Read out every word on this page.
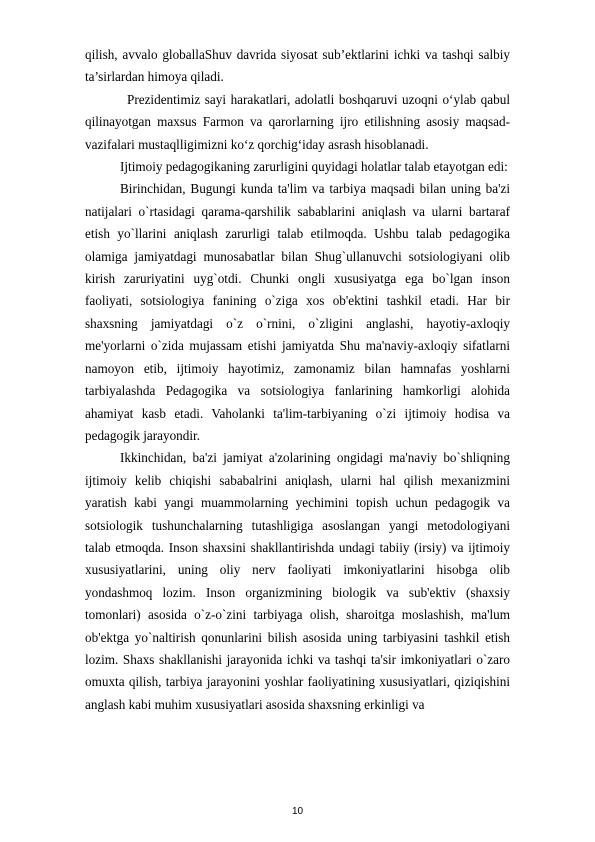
qilish, avvalo globallaShuv davrida siyosat sub’ektlarini ichki va tashqi salbiy ta’sirlardan himoya qiladi.

Prezidentimiz sayi harakatlari, adolatli boshqaruvi uzoqni o‘ylab qabul qilinayotgan maxsus Farmon va qarorlarning ijro etilishning asosiy maqsad-vazifalari mustaqlligimizni ko‘z qorchig‘iday asrash hisoblanadi.

Ijtimoiy pedagogikaning zarurligini quyidagi holatlar talab etayotgan edi:

Birinchidan, Bugungi kunda ta'lim va tarbiya maqsadi bilan uning ba'zi natijalari o`rtasidagi qarama-qarshilik sabablarini aniqlash va ularni bartaraf etish yo`llarini aniqlash zarurligi talab etilmoqda. Ushbu talab pedagogika olamiga jamiyatdagi munosabatlar bilan Shug`ullanuvchi sotsiologiyani olib kirish zaruriyatini uyg`otdi. Chunki ongli xususiyatga ega bo`lgan inson faoliyati, sotsiologiya fanining o`ziga xos ob'ektini tashkil etadi. Har bir shaxsning jamiyatdagi o`z o`rnini, o`zligini anglashi, hayotiy-axloqiy me'yorlarni o`zida mujassam etishi jamiyatda Shu ma'naviy-axloqiy sifatlarni namoyon etib, ijtimoiy hayotimiz, zamonamiz bilan hamnafas yoshlarni tarbiyalashda Pedagogika va sotsiologiya fanlarining hamkorligi alohida ahamiyat kasb etadi. Vaholanki ta'lim-tarbiyaning o`zi ijtimoiy hodisa va pedagogik jarayondir.

Ikkinchidan, ba'zi jamiyat a'zolarining ongidagi ma'naviy bo`shliqning ijtimoiy kelib chiqishi sababalrini aniqlash, ularni hal qilish mexanizmini yaratish kabi yangi muammolarning yechimini topish uchun pedagogik va sotsiologik tushunchalarning tutashligiga asoslangan yangi metodologiyani talab etmoqda. Inson shaxsini shakllantirishda undagi tabiiy (irsiy) va ijtimoiy xususiyatlarini, uning oliy nerv faoliyati imkoniyatlarini hisobga olib yondashmoq lozim. Inson organizmining biologik va sub'ektiv (shaxsiy tomonlari) asosida o`z-o`zini tarbiyaga olish, sharoitga moslashish, ma'lum ob'ektga yo`naltirish qonunlarini bilish asosida uning tarbiyasini tashkil etish lozim. Shaxs shakllanishi jarayonida ichki va tashqi ta'sir imkoniyatlari o`zaro omuxta qilish, tarbiya jarayonini yoshlar faoliyatining xususiyatlari, qiziqishini anglash kabi muhim xususiyatlari asosida shaxsning erkinligi va

10
